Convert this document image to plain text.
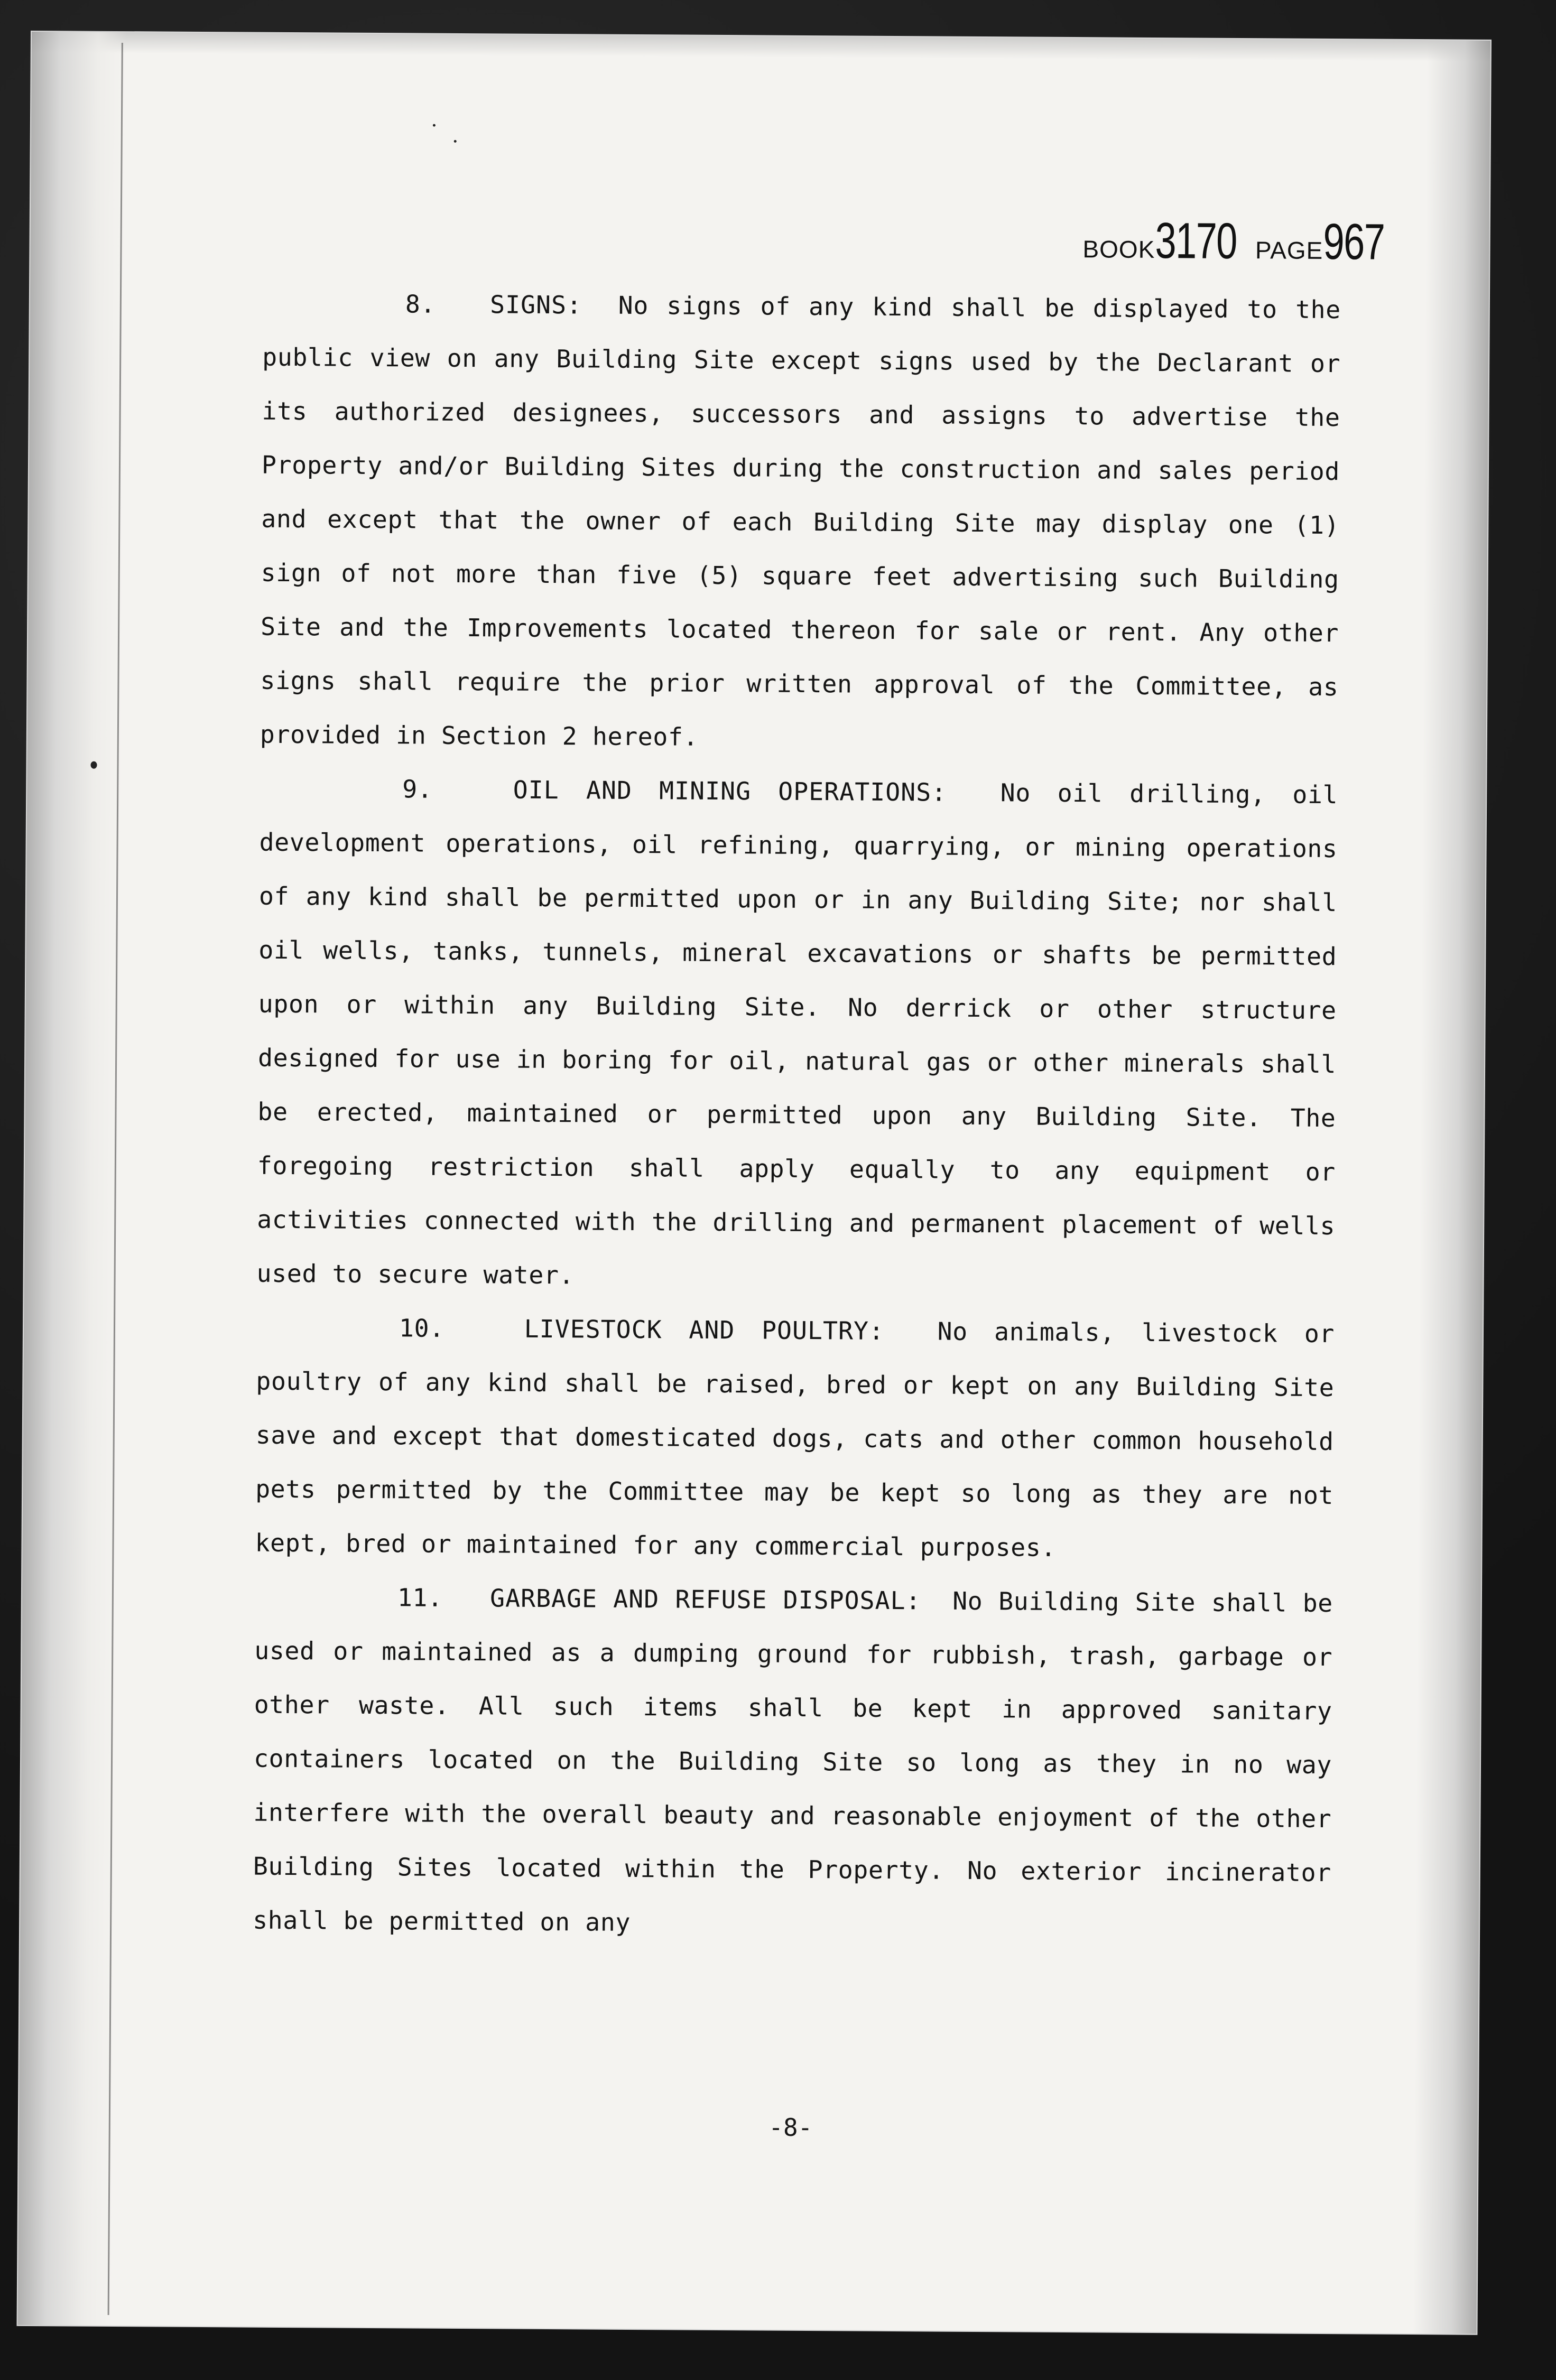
BOOK3170 PAGE967

8. SIGNS: No signs of any kind shall be displayed to the public view on any Building Site except signs used by the Declarant or its authorized designees, successors and assigns to advertise the Property and/or Building Sites during the construction and sales period and except that the owner of each Building Site may display one (1) sign of not more than five (5) square feet advertising such Building Site and the Improvements located thereon for sale or rent. Any other signs shall require the prior written approval of the Committee, as provided in Section 2 hereof.

9.	OIL AND MINING OPERATIONS: No oil drilling, oil development operations, oil refining, quarrying, or mining operations of any kind shall be permitted upon or in any Building Site; nor shall oil wells, tanks, tunnels, mineral excavations or shafts be permitted upon or within any Building Site. No derrick or other structure designed for use in boring for oil, natural gas or other minerals shall be erected, maintained or permitted upon any Building Site. The foregoing restriction shall apply equally to any equipment or activities connected with the drilling and permanent placement of wells used to secure water.

10.	LIVESTOCK AND POULTRY: No animals, livestock or poultry of any kind shall be raised, bred or kept on any Building Site save and except that domesticated dogs, cats and other common household pets permitted by the Committee may be kept so long as they are not kept, bred or maintained for any commercial purposes.

11. GARBAGE AND REFUSE DISPOSAL: No Building Site shall be used or maintained as a dumping ground for rubbish, trash, garbage or other waste. All such items shall be kept in approved sanitary containers located on the Building Site so long as they in no way interfere with the overall beauty and reasonable enjoyment of the other Building Sites located within the Property. No exterior incinerator shall be permitted on any

-8-
